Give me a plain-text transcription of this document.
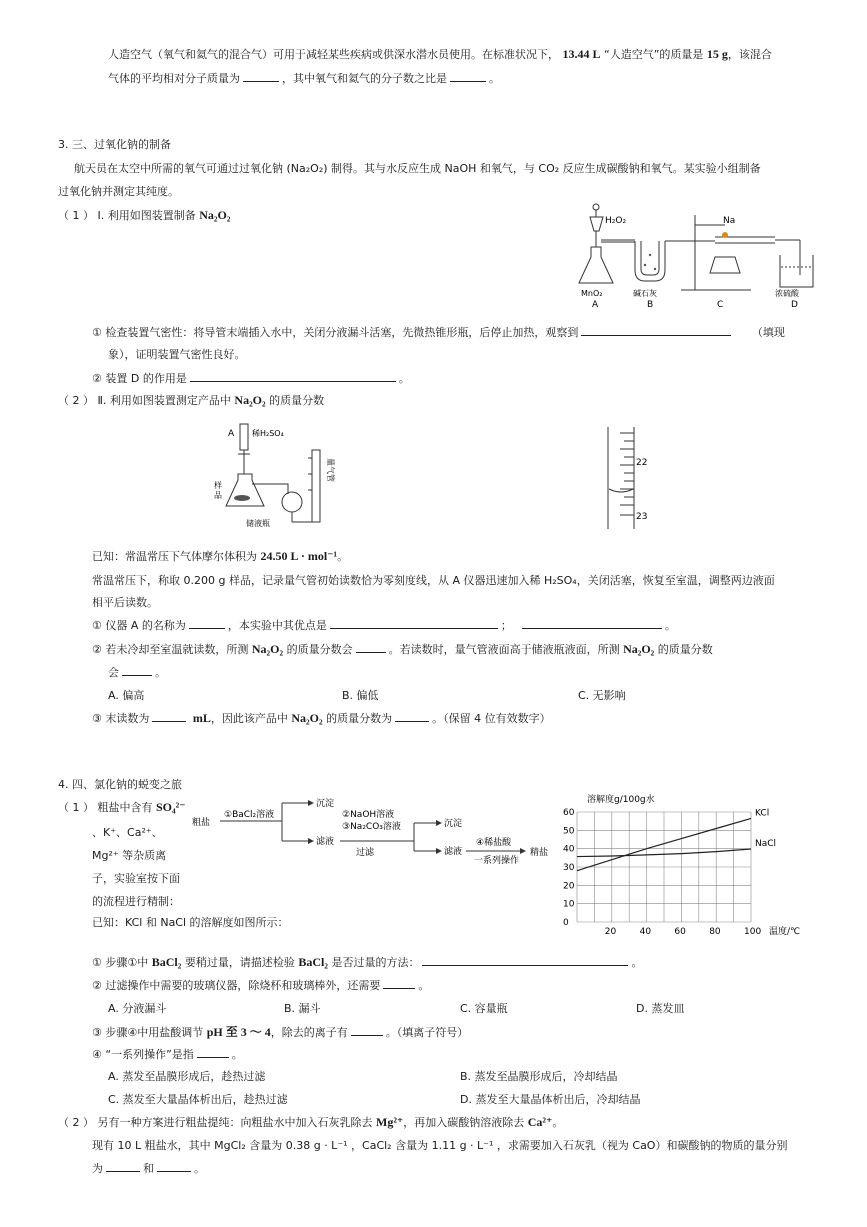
人造空气（氧气和氦气的混合气）可用于减轻某些疾病或供深水潜水员使用。在标准状况下， 13.44 L “人造空气”的质量是 15 g，该混合
气体的平均相对分子质量为	，其中氧气和氦气的分子数之比是	。
3. 三、过氧化钠的制备
航天员在太空中所需的氧气可通过过氧化钠 (Na₂O₂) 制得。其与水反应生成 NaOH 和氧气，与 CO₂ 反应生成碳酸钠和氧气。某实验小组制备
过氧化钠并测定其纯度。
（ 1 ） Ⅰ. 利用如图装置制备 Na₂O₂	H₂O₂	Na
MnO₂	碱石灰	浓硫酸
A	B	C	D
① 检查装置气密性：将导管末端插入水中，关闭分液漏斗活塞，先微热锥形瓶，后停止加热，观察到	（填现
象），证明装置气密性良好。
② 装置 D 的作用是	。
（ 2 ） Ⅱ. 利用如图装置测定产品中 Na₂O₂ 的质量分数
A 稀H₂SO₄
样
品
储液瓶
量气管	22
23
已知：常温常压下气体摩尔体积为 24.50 L · mol⁻¹。
常温常压下，称取 0.200 g 样品，记录量气管初始读数恰为零刻度线，从 A 仪器迅速加入稀 H₂SO₄，关闭活塞，恢复至室温，调整两边液面
相平后读数。
① 仪器 A 的名称为	，本实验中其优点是	；	。
② 若未冷却至室温就读数，所测 Na₂O₂ 的质量分数会	。若读数时，量气管液面高于储液瓶液面，所测 Na₂O₂ 的质量分数
会	。
A. 偏高	B. 偏低	C. 无影响
③ 末读数为	mL，因此该产品中 Na₂O₂ 的质量分数为	。（保留 4 位有效数字）
4. 四、氯化钠的蜕变之旅
（ 1 ） 粗盐中含有 SO₄²⁻
、K⁺、Ca²⁺、
Mg²⁺ 等杂质离
子，实验室按下面
的流程进行精制：
已知：KCl 和 NaCl 的溶解度如图所示：
粗盐
①BaCl₂溶液
沉淀
滤液
②NaOH溶液
③Na₂CO₃溶液
过滤
沉淀
滤液
④稀盐酸
一系列操作
精盐
溶解度g/100g水
0
10
20
30
40
50
60
20	40	60	80	100
KCl
NaCl
温度/℃
① 步骤①中 BaCl₂ 要稍过量，请描述检验 BaCl₂ 是否过量的方法：	。
② 过滤操作中需要的玻璃仪器，除烧杯和玻璃棒外，还需要	。
A. 分液漏斗	B. 漏斗	C. 容量瓶	D. 蒸发皿
③ 步骤④中用盐酸调节 pH 至 3 ～ 4，除去的离子有	。（填离子符号）
④ “一系列操作”是指	。
A. 蒸发至晶膜形成后，趁热过滤	B. 蒸发至晶膜形成后，冷却结晶
C. 蒸发至大量晶体析出后，趁热过滤	D. 蒸发至大量晶体析出后，冷却结晶
（ 2 ） 另有一种方案进行粗盐提纯：向粗盐水中加入石灰乳除去 Mg²⁺，再加入碳酸钠溶液除去 Ca²⁺。
现有 10 L 粗盐水，其中 MgCl₂ 含量为 0.38 g · L⁻¹ ，CaCl₂ 含量为 1.11 g · L⁻¹ ，求需要加入石灰乳（视为 CaO）和碳酸钠的物质的量分别
为	和	。
